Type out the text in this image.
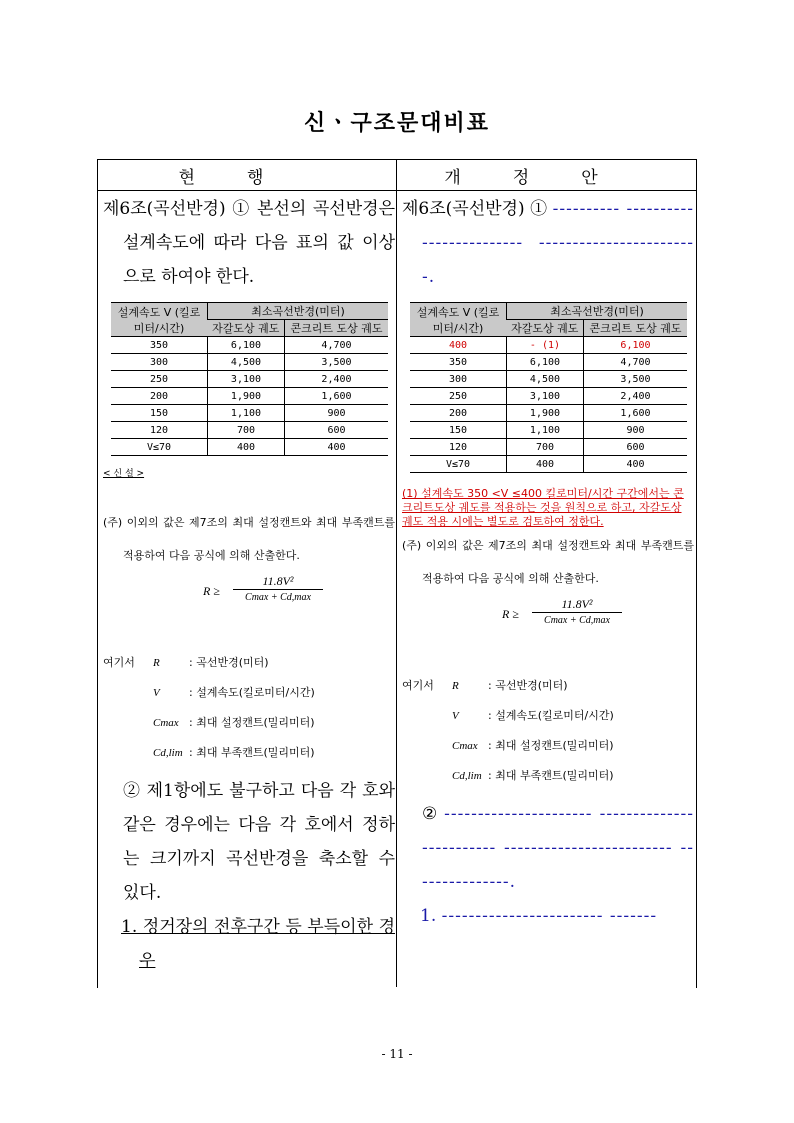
신ㆍ구조문대비표
현행	개정안

제6조(곡선반경) ① 본선의 곡선반경은 설계속도에 따라 다음 표의 값 이상으로 하여야 한다.

설계속도 V (킬로미터/시간)	최소곡선반경(미터)	
	자갈도상 궤도	콘크리트 도상 궤도
350	6,100	4,700
300	4,500	3,500
250	3,100	2,400
200	1,900	1,600
150	1,100	900
120	700	600
V≤70	400	400
< 신 설 >

(주) 이외의 값은 제7조의 최대 설정캔트와 최대 부족캔트를 적용하여 다음 공식에 의해 산출한다.

R ≥
11.8V²
Cmax + Cd,max
여기서 R	: 곡선반경(미터)
V	: 설계속도(킬로미터/시간)
Cmax : 최대 설정캔트(밀리미터)
Cd,lim : 최대 부족캔트(밀리미터)

② 제1항에도 불구하고 다음 각 호와 같은 경우에는 다음 각 호에서 정하는 크기까지 곡선반경을 축소할 수 있다.

1. 정거장의 전후구간 등 부득이한 경우

제6조(곡선반경) ① ---------- ------------------------- ------------------------.

설계속도 V (킬로미터/시간)	최소곡선반경(미터)	
	자갈도상 궤도	콘크리트 도상 궤도
400	- (1)	6,100
350	6,100	4,700
300	4,500	3,500
250	3,100	2,400
200	1,900	1,600
150	1,100	900
120	700	600
V≤70	400	400
(1) 설계속도 350 <V ≤400 킬로미터/시간 구간에서는 콘크리트도상 궤도를 적용하는 것을 원칙으로 하고, 자갈도상 궤도 적용 시에는 별도로 검토하여 정한다.

(주) 이외의 값은 제7조의 최대 설정캔트와 최대 부족캔트를 적용하여 다음 공식에 의해 산출한다.

R ≥
11.8V²
Cmax + Cd,max
여기서 R	: 곡선반경(미터)
V	: 설계속도(킬로미터/시간)
Cmax : 최대 설정캔트(밀리미터)
Cd,lim : 최대 부족캔트(밀리미터)

② ---------------------- ------------------------- ------------------------- ---------------.

1. ------------------------ -------

- 11 -
